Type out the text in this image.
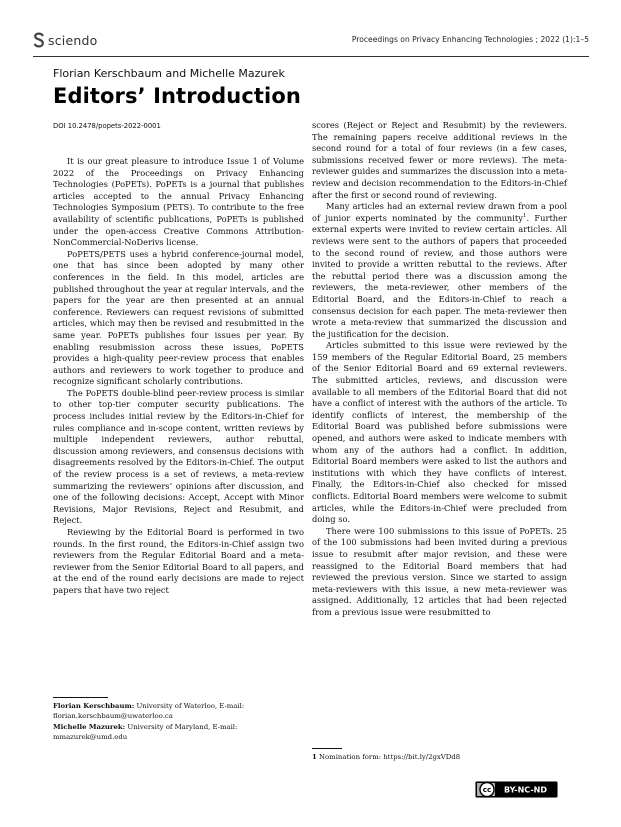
sciendo	Proceedings on Privacy Enhancing Technologies ; 2022 (1):1–5
Florian Kerschbaum and Michelle Mazurek
Editors’ Introduction
DOI 10.2478/popets-2022-0001

It is our great pleasure to introduce Issue 1 of Volume 2022 of the Proceedings on Privacy Enhancing Technologies (PoPETs). PoPETs is a journal that publishes articles accepted to the annual Privacy Enhancing Technologies Symposium (PETS). To contribute to the free availability of scientific publications, PoPETs is published under the open-access Creative Commons Attribution-NonCommercial-NoDerivs license.

PoPETS/PETS uses a hybrid conference-journal model, one that has since been adopted by many other conferences in the field. In this model, articles are published throughout the year at regular intervals, and the papers for the year are then presented at an annual conference. Reviewers can request revisions of submitted articles, which may then be revised and resubmitted in the same year. PoPETs publishes four issues per year. By enabling resubmission across these issues, PoPETS provides a high-quality peer-review process that enables authors and reviewers to work together to produce and recognize significant scholarly contributions.

The PoPETS double-blind peer-review process is similar to other top-tier computer security publications. The process includes initial review by the Editors-in-Chief for rules compliance and in-scope content, written reviews by multiple independent reviewers, author rebuttal, discussion among reviewers, and consensus decisions with disagreements resolved by the Editors-in-Chief. The output of the review process is a set of reviews, a meta-review summarizing the reviewers’ opinions after discussion, and one of the following decisions: Accept, Accept with Minor Revisions, Major Revisions, Reject and Resubmit, and Reject.

Reviewing by the Editorial Board is performed in two rounds. In the first round, the Editors-in-Chief assign two reviewers from the Regular Editorial Board and a meta-reviewer from the Senior Editorial Board to all papers, and at the end of the round early decisions are made to reject papers that have two reject

scores (Reject or Reject and Resubmit) by the reviewers. The remaining papers receive additional reviews in the second round for a total of four reviews (in a few cases, submissions received fewer or more reviews). The meta-reviewer guides and summarizes the discussion into a meta-review and decision recommendation to the Editors-in-Chief after the first or second round of reviewing.

Many articles had an external review drawn from a pool of junior experts nominated by the community$^1$. Further external experts were invited to review certain articles. All reviews were sent to the authors of papers that proceeded to the second round of review, and those authors were invited to provide a written rebuttal to the reviews. After the rebuttal period there was a discussion among the reviewers, the meta-reviewer, other members of the Editorial Board, and the Editors-in-Chief to reach a consensus decision for each paper. The meta-reviewer then wrote a meta-review that summarized the discussion and the justification for the decision.

Articles submitted to this issue were reviewed by the 159 members of the Regular Editorial Board, 25 members of the Senior Editorial Board and 69 external reviewers. The submitted articles, reviews, and discussion were available to all members of the Editorial Board that did not have a conflict of interest with the authors of the article. To identify conflicts of interest, the membership of the Editorial Board was published before submissions were opened, and authors were asked to indicate members with whom any of the authors had a conflict. In addition, Editorial Board members were asked to list the authors and institutions with which they have conflicts of interest. Finally, the Editors-in-Chief also checked for missed conflicts. Editorial Board members were welcome to submit articles, while the Editors-in-Chief were precluded from doing so.

There were 100 submissions to this issue of PoPETs. 25 of the 100 submissions had been invited during a previous issue to resubmit after major revision, and these were reassigned to the Editorial Board members that had reviewed the previous version. Since we started to assign meta-reviewers with this issue, a new meta-reviewer was assigned. Additionally, 12 articles that had been rejected from a previous issue were resubmitted to

Florian Kerschbaum: University of Waterloo, E-mail: florian.kerschbaum@uwaterloo.ca
Michelle Mazurek: University of Maryland, E-mail: mmazurek@umd.edu
1 Nomination form: https://bit.ly/2gxVDd8
cc BY-NC-ND
